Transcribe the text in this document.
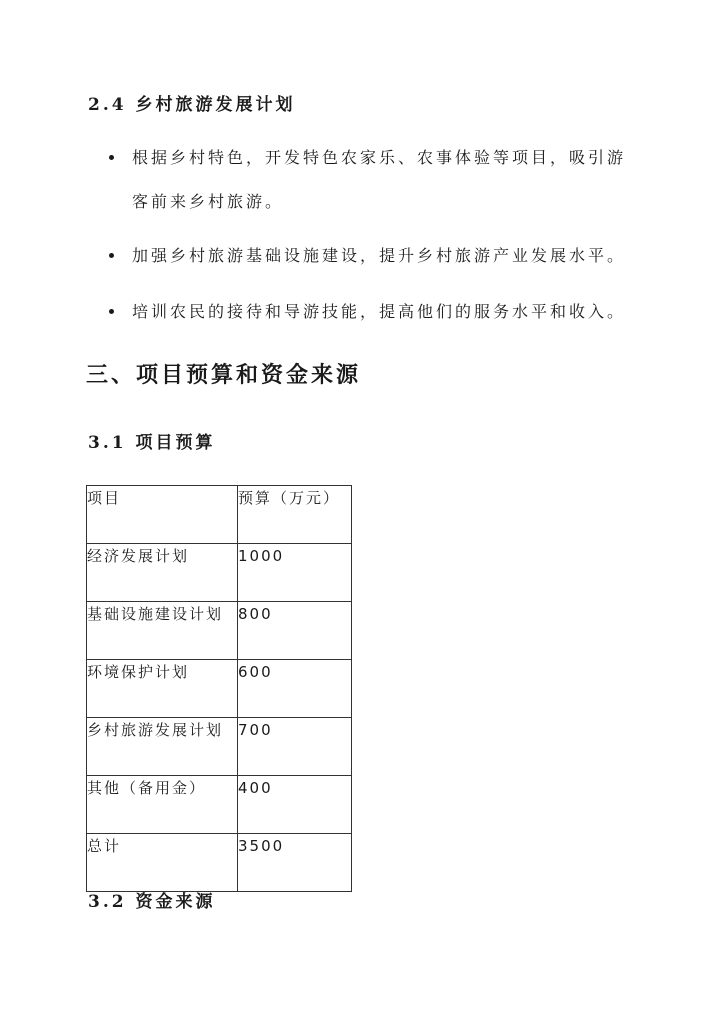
2.4 乡村旅游发展计划
根据乡村特色，开发特色农家乐、农事体验等项目，吸引游客前来乡村旅游。
加强乡村旅游基础设施建设，提升乡村旅游产业发展水平。
培训农民的接待和导游技能，提高他们的服务水平和收入。
三、项目预算和资金来源
3.1 项目预算
项目	预算（万元）
经济发展计划	1000
基础设施建设计划	800
环境保护计划	600
乡村旅游发展计划	700
其他（备用金）	400
总计	3500
3.2 资金来源
